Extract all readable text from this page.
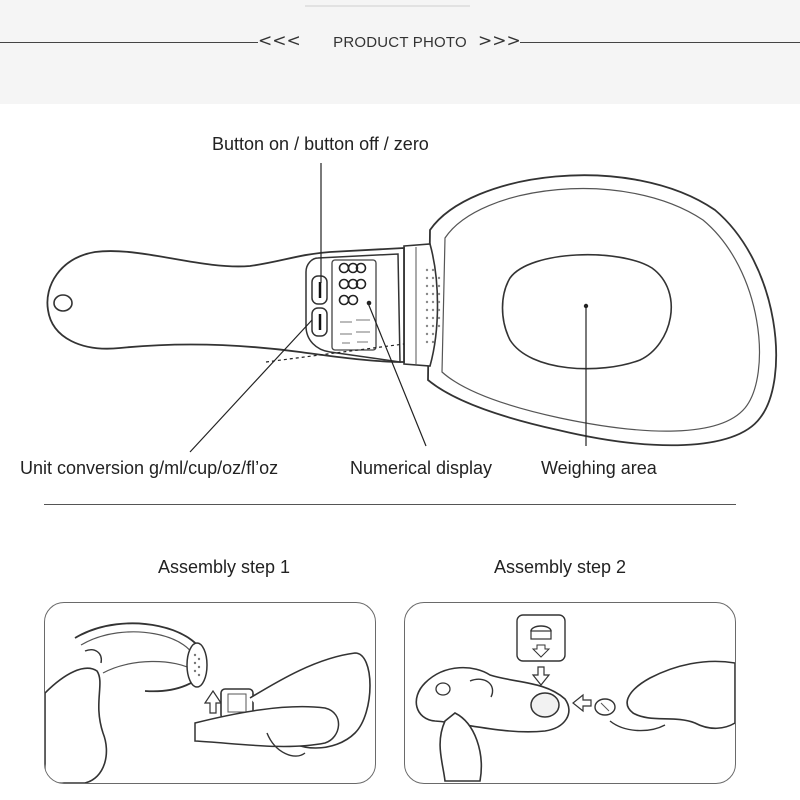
<<<	>>>
PRODUCT PHOTO
Button on / button off / zero
Unit conversion g/ml/cup/oz/fl’oz	Numerical display	Weighing area
Assembly step 1	Assembly step 2
